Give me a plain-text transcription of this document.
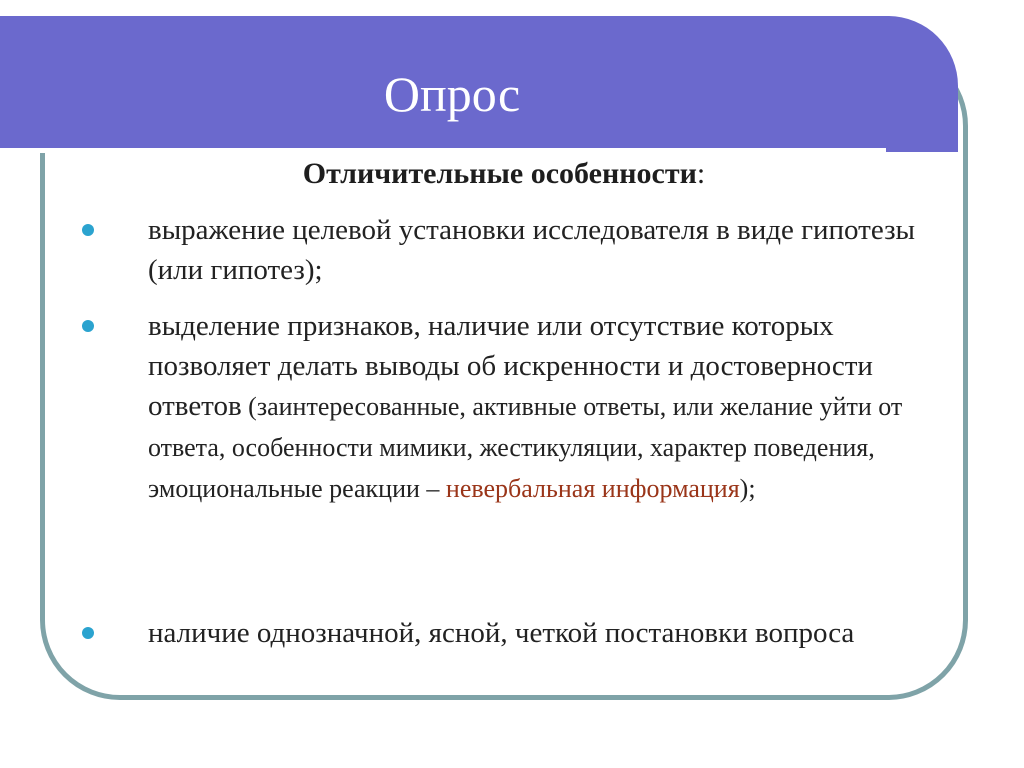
Опрос

Отличительные особенности:

выражение целевой установки исследователя в виде гипотезы (или гипотез);

выделение признаков, наличие или отсутствие которых позволяет делать выводы об искренности и достоверности ответов (заинтересованные, активные ответы, или желание уйти от ответа, особенности мимики, жестикуляции, характер поведения, эмоциональные реакции – невербальная информация);

наличие однозначной, ясной, четкой постановки вопроса
